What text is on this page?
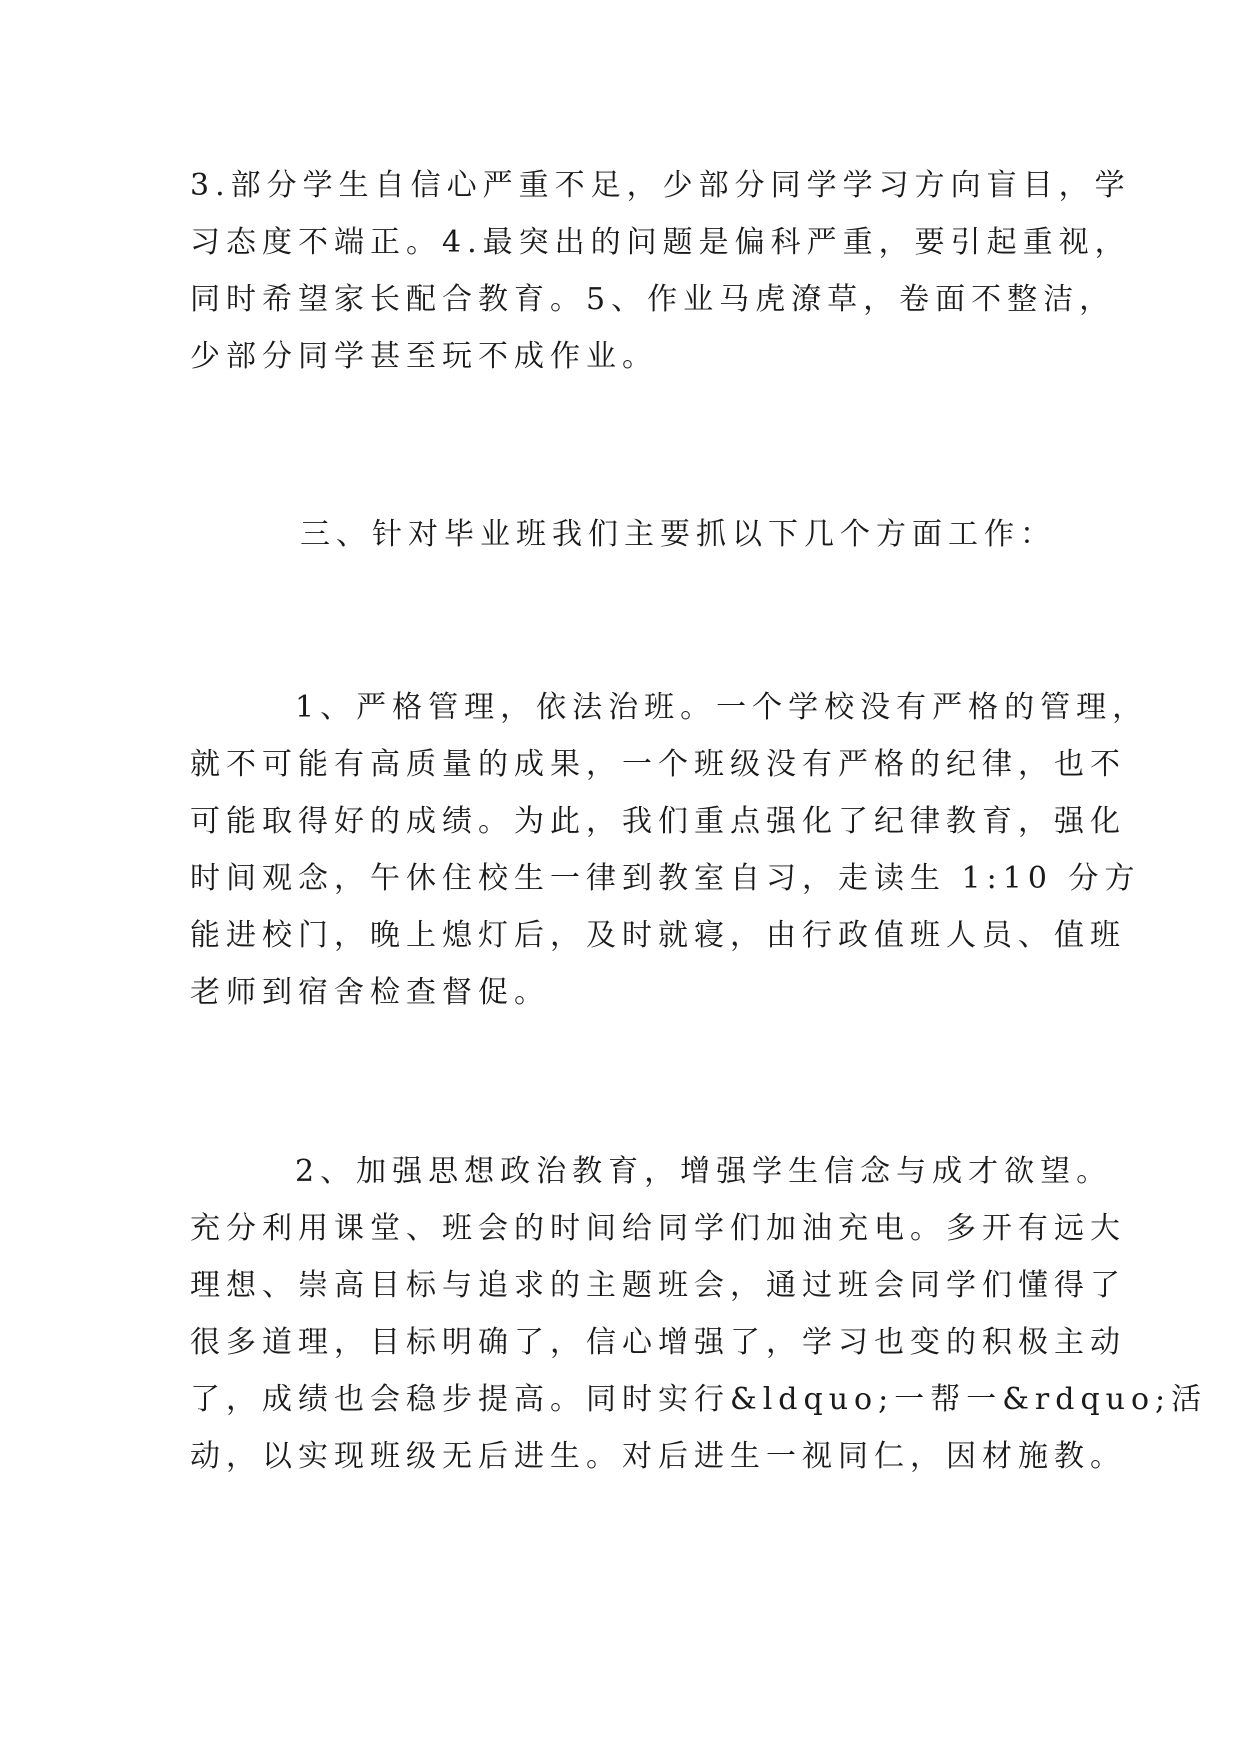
3.部分学生自信心严重不足，少部分同学学习方向盲目，学
习态度不端正。4.最突出的问题是偏科严重，要引起重视，
同时希望家长配合教育。5、作业马虎潦草，卷面不整洁，
少部分同学甚至玩不成作业。
三、针对毕业班我们主要抓以下几个方面工作：
1、严格管理，依法治班。一个学校没有严格的管理，
就不可能有高质量的成果，一个班级没有严格的纪律，也不
可能取得好的成绩。为此，我们重点强化了纪律教育，强化
时间观念，午休住校生一律到教室自习，走读生 1:10 分方
能进校门，晚上熄灯后，及时就寝，由行政值班人员、值班
老师到宿舍检查督促。
2、加强思想政治教育，增强学生信念与成才欲望。
充分利用课堂、班会的时间给同学们加油充电。多开有远大
理想、崇高目标与追求的主题班会，通过班会同学们懂得了
很多道理，目标明确了，信心增强了，学习也变的积极主动
了，成绩也会稳步提高。同时实行&ldquo;一帮一&rdquo;活
动，以实现班级无后进生。对后进生一视同仁，因材施教。
